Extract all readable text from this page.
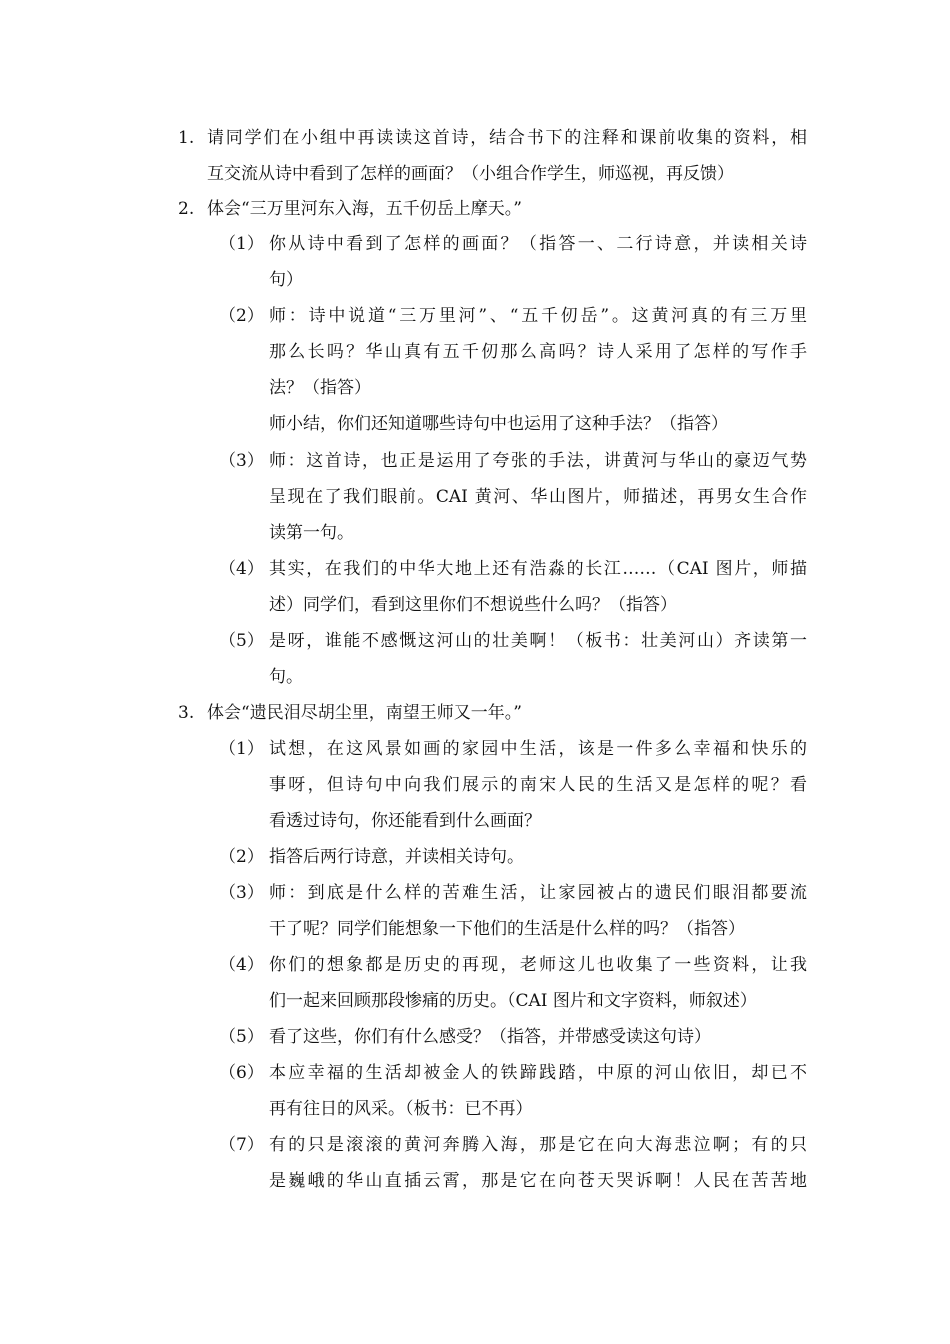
1. 请同学们在小组中再读读这首诗，结合书下的注释和课前收集的资料，相
互交流从诗中看到了怎样的画面？（小组合作学生，师巡视，再反馈）
2. 体会“三万里河东入海，五千仞岳上摩天。”
（1） 你从诗中看到了怎样的画面？（指答一、二行诗意，并读相关诗
句）
（2） 师：诗中说道“三万里河”、“五千仞岳”。这黄河真的有三万里
那么长吗？华山真有五千仞那么高吗？诗人采用了怎样的写作手
法？（指答）
师小结，你们还知道哪些诗句中也运用了这种手法？（指答）
（3） 师：这首诗，也正是运用了夸张的手法，讲黄河与华山的豪迈气势
呈现在了我们眼前。CAI 黄河、华山图片，师描述，再男女生合作
读第一句。
（4） 其实，在我们的中华大地上还有浩淼的长江……（CAI 图片，师描
述）同学们，看到这里你们不想说些什么吗？（指答）
（5） 是呀，谁能不感慨这河山的壮美啊！（板书：壮美河山）齐读第一
句。
3. 体会“遗民泪尽胡尘里，南望王师又一年。”
（1） 试想，在这风景如画的家园中生活，该是一件多么幸福和快乐的
事呀，但诗句中向我们展示的南宋人民的生活又是怎样的呢？看
看透过诗句，你还能看到什么画面？
（2） 指答后两行诗意，并读相关诗句。
（3） 师：到底是什么样的苦难生活，让家园被占的遗民们眼泪都要流
干了呢？同学们能想象一下他们的生活是什么样的吗？（指答）
（4） 你们的想象都是历史的再现，老师这儿也收集了一些资料，让我
们一起来回顾那段惨痛的历史。（CAI 图片和文字资料，师叙述）
（5） 看了这些，你们有什么感受？（指答，并带感受读这句诗）
（6） 本应幸福的生活却被金人的铁蹄践踏，中原的河山依旧，却已不
再有往日的风采。（板书：已不再）
（7） 有的只是滚滚的黄河奔腾入海，那是它在向大海悲泣啊；有的只
是巍峨的华山直插云霄，那是它在向苍天哭诉啊！人民在苦苦地
